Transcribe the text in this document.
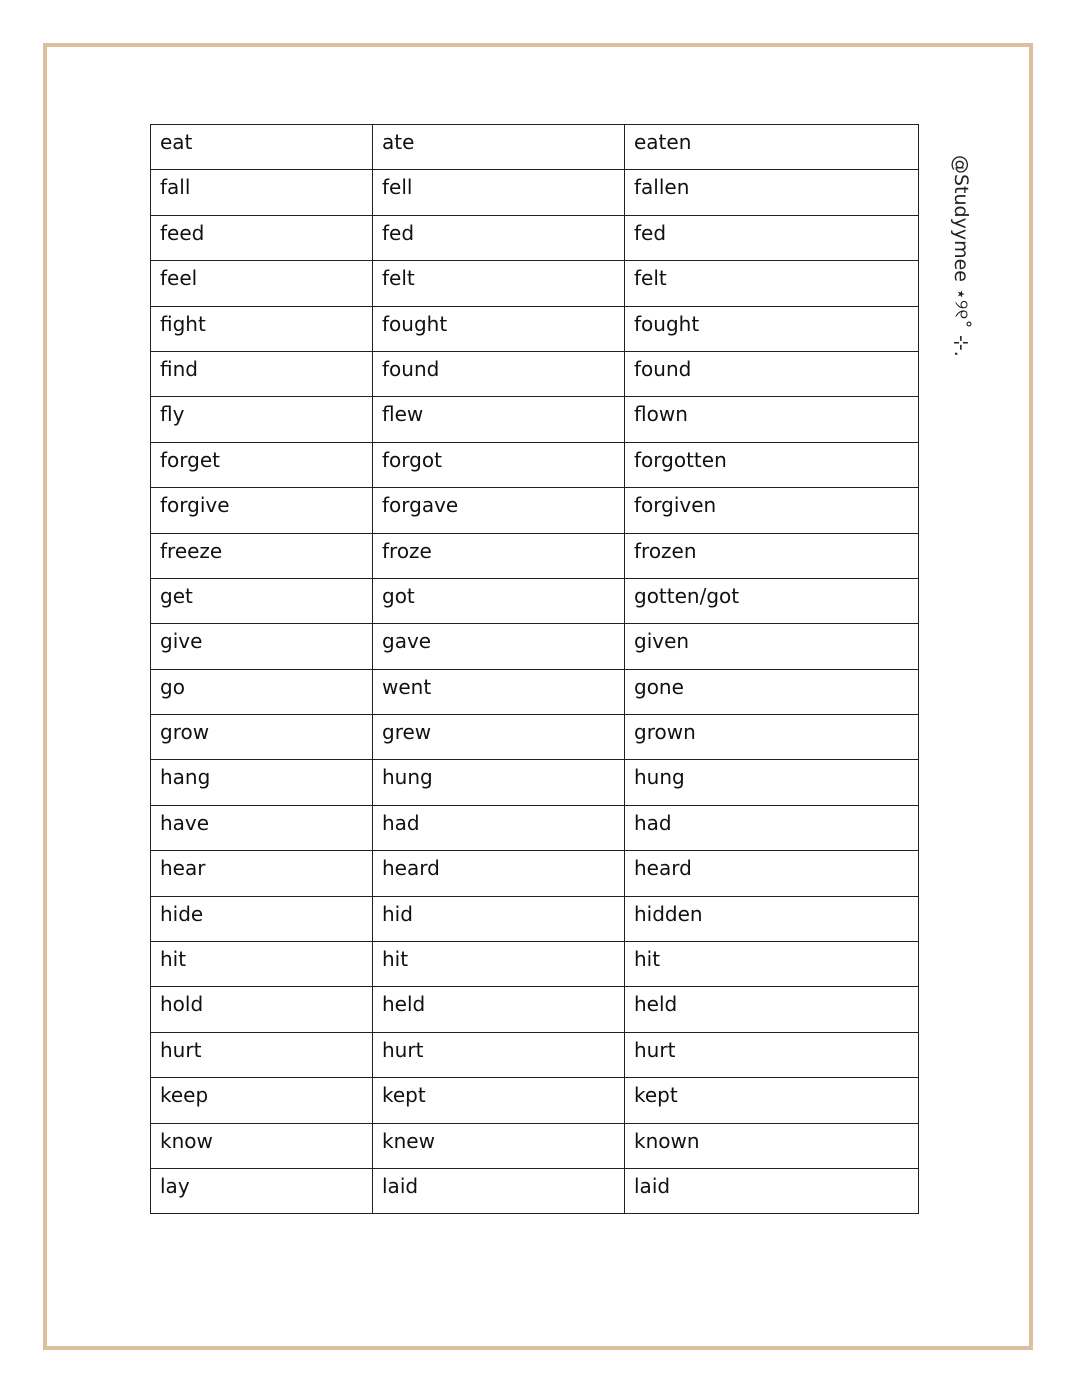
eat	ate	eaten
fall	fell	fallen
feed	fed	fed
feel	felt	felt
fight	fought	fought
find	found	found
fly	flew	flown
forget	forgot	forgotten
forgive	forgave	forgiven
freeze	froze	frozen
get	got	gotten/got
give	gave	given
go	went	gone
grow	grew	grown
hang	hung	hung
have	had	had
hear	heard	heard
hide	hid	hidden
hit	hit	hit
hold	held	held
hurt	hurt	hurt
keep	kept	kept
know	knew	known
lay	laid	laid
@Studyymee ⋆୨୧˚ ⊹.
